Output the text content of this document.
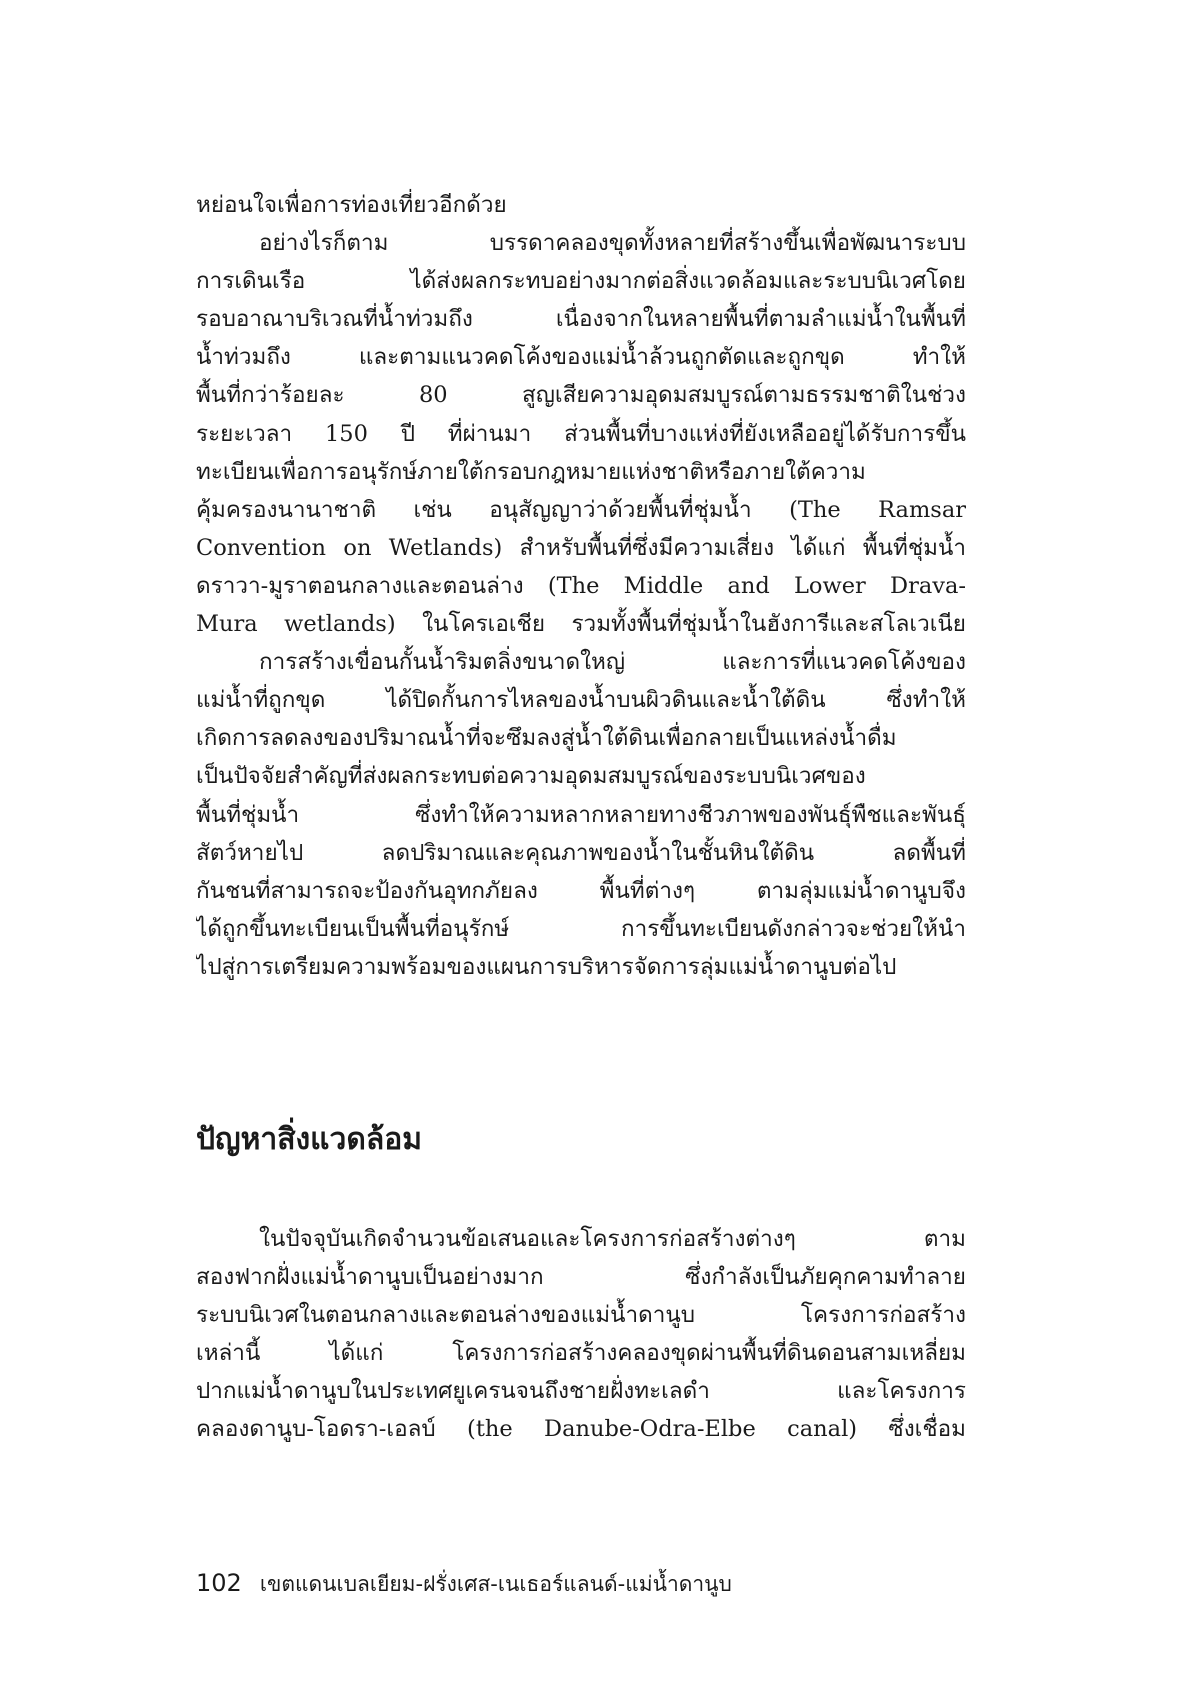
หย่อนใจเพื่อการท่องเที่ยวอีกด้วย
อย่างไรก็ตาม บรรดาคลองขุดทั้งหลายที่สร้างขึ้นเพื่อพัฒนาระบบ
การเดินเรือ ได้ส่งผลกระทบอย่างมากต่อสิ่งแวดล้อมและระบบนิเวศโดย
รอบอาณาบริเวณที่น้ำท่วมถึง เนื่องจากในหลายพื้นที่ตามลำแม่น้ำในพื้นที่
น้ำท่วมถึง และตามแนวคดโค้งของแม่น้ำล้วนถูกตัดและถูกขุด ทำให้
พื้นที่กว่าร้อยละ 80 สูญเสียความอุดมสมบูรณ์ตามธรรมชาติในช่วง
ระยะเวลา 150 ปี ที่ผ่านมา ส่วนพื้นที่บางแห่งที่ยังเหลืออยู่ได้รับการขึ้น
ทะเบียนเพื่อการอนุรักษ์ภายใต้กรอบกฎหมายแห่งชาติหรือภายใต้ความ
คุ้มครองนานาชาติ เช่น อนุสัญญาว่าด้วยพื้นที่ชุ่มน้ำ (The Ramsar
Convention on Wetlands) สำหรับพื้นที่ซึ่งมีความเสี่ยง ได้แก่ พื้นที่ชุ่มน้ำ
ดราวา-มูราตอนกลางและตอนล่าง (The Middle and Lower Drava-
Mura wetlands) ในโครเอเชีย รวมทั้งพื้นที่ชุ่มน้ำในฮังการีและสโลเวเนีย
การสร้างเขื่อนกั้นน้ำริมตลิ่งขนาดใหญ่ และการที่แนวคดโค้งของ
แม่น้ำที่ถูกขุด ได้ปิดกั้นการไหลของน้ำบนผิวดินและน้ำใต้ดิน ซึ่งทำให้
เกิดการลดลงของปริมาณน้ำที่จะซึมลงสู่น้ำใต้ดินเพื่อกลายเป็นแหล่งน้ำดื่ม
เป็นปัจจัยสำคัญที่ส่งผลกระทบต่อความอุดมสมบูรณ์ของระบบนิเวศของ
พื้นที่ชุ่มน้ำ ซึ่งทำให้ความหลากหลายทางชีวภาพของพันธุ์พืชและพันธุ์
สัตว์หายไป ลดปริมาณและคุณภาพของน้ำในชั้นหินใต้ดิน ลดพื้นที่
กันชนที่สามารถจะป้องกันอุทกภัยลง พื้นที่ต่างๆ ตามลุ่มแม่น้ำดานูบจึง
ได้ถูกขึ้นทะเบียนเป็นพื้นที่อนุรักษ์ การขึ้นทะเบียนดังกล่าวจะช่วยให้นำ
ไปสู่การเตรียมความพร้อมของแผนการบริหารจัดการลุ่มแม่น้ำดานูบต่อไป
ปัญหาสิ่งแวดล้อม
ในปัจจุบันเกิดจำนวนข้อเสนอและโครงการก่อสร้างต่างๆ ตาม
สองฟากฝั่งแม่น้ำดานูบเป็นอย่างมาก ซึ่งกำลังเป็นภัยคุกคามทำลาย
ระบบนิเวศในตอนกลางและตอนล่างของแม่น้ำดานูบ โครงการก่อสร้าง
เหล่านี้ ได้แก่ โครงการก่อสร้างคลองขุดผ่านพื้นที่ดินดอนสามเหลี่ยม
ปากแม่น้ำดานูบในประเทศยูเครนจนถึงชายฝั่งทะเลดำ และโครงการ
คลองดานูบ-โอดรา-เอลบ์ (the Danube-Odra-Elbe canal) ซึ่งเชื่อม
102 เขตแดนเบลเยียม-ฝรั่งเศส-เนเธอร์แลนด์-แม่น้ำดานูบ
